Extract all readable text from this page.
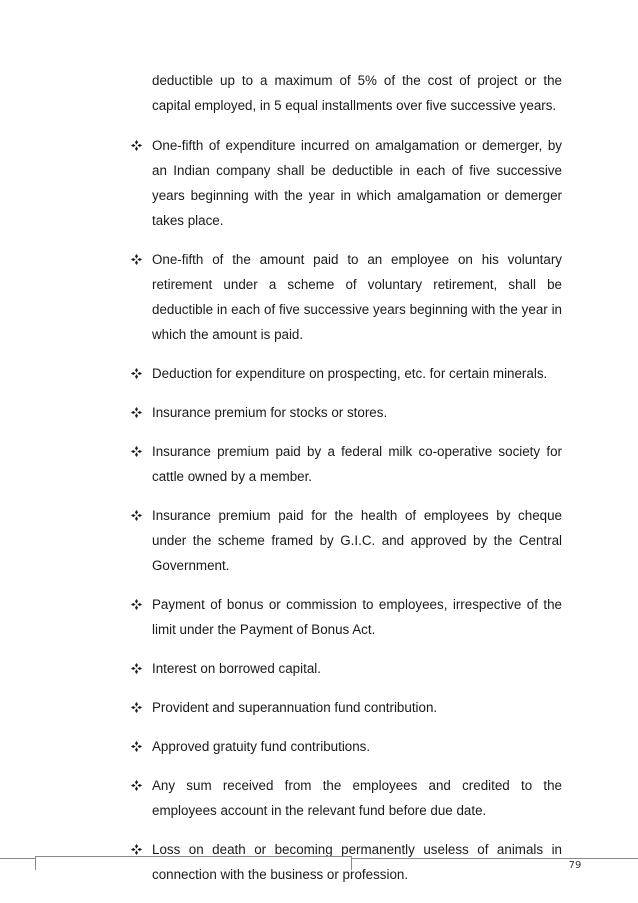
deductible up to a maximum of 5% of the cost of project or the capital employed, in 5 equal installments over five successive years.

One-fifth of expenditure incurred on amalgamation or demerger, by an Indian company shall be deductible in each of five successive years beginning with the year in which amalgamation or demerger takes place.

One-fifth of the amount paid to an employee on his voluntary retirement under a scheme of voluntary retirement, shall be deductible in each of five successive years beginning with the year in which the amount is paid.

Deduction for expenditure on prospecting, etc. for certain minerals.

Insurance premium for stocks or stores.

Insurance premium paid by a federal milk co-operative society for cattle owned by a member.

Insurance premium paid for the health of employees by cheque under the scheme framed by G.I.C. and approved by the Central Government.

Payment of bonus or commission to employees, irrespective of the limit under the Payment of Bonus Act.

Interest on borrowed capital.

Provident and superannuation fund contribution.

Approved gratuity fund contributions.

Any sum received from the employees and credited to the employees account in the relevant fund before due date.

Loss on death or becoming permanently useless of animals in connection with the business or profession.

79
